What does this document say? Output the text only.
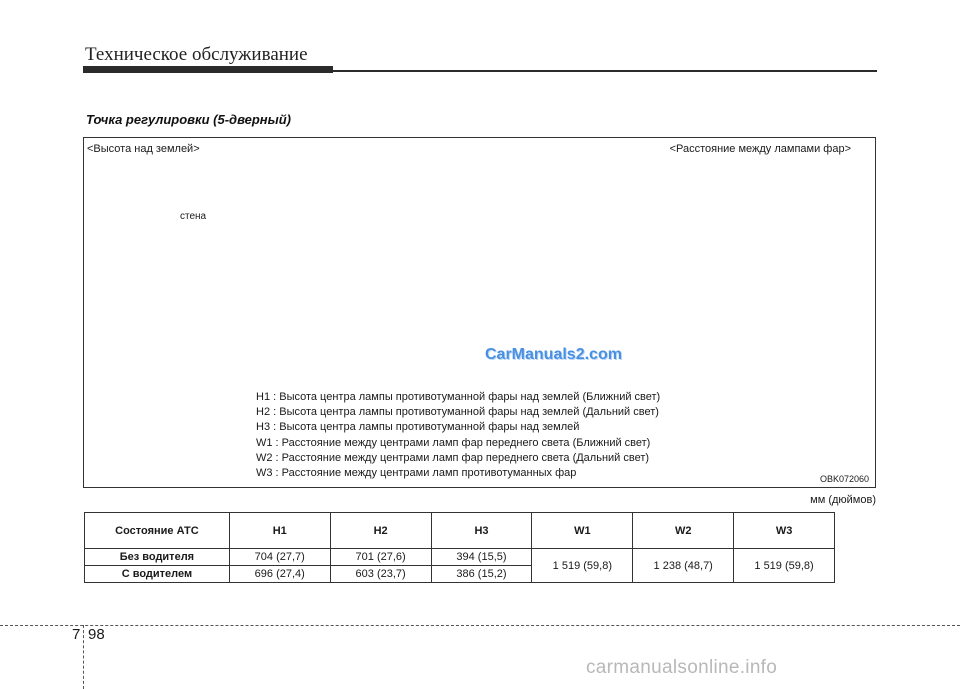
Техническое обслуживание
Точка регулировки (5-дверный)
<Высота над землей>	<Расстояние между лампами фар>
стена
CarManuals2.com
H1 : Высота центра лампы противотуманной фары над землей (Ближний свет)
H2 : Высота центра лампы противотуманной фары над землей (Дальний свет)
H3 : Высота центра лампы противотуманной фары над землей
W1 : Расстояние между центрами ламп фар переднего света (Ближний свет)
W2 : Расстояние между центрами ламп фар переднего света (Дальний свет)
W3 : Расстояние между центрами ламп противотуманных фар	OBK072060
мм (дюймов)
Состояние АТС	H1	H2	H3	W1	W2	W3
Без водителя	704 (27,7)	701 (27,6)	394 (15,5)	1 519 (59,8)	1 238 (48,7)	1 519 (59,8)
С водителем	696 (27,4)	603 (23,7)	386 (15,2)			
7 98
carmanualsonline.info
